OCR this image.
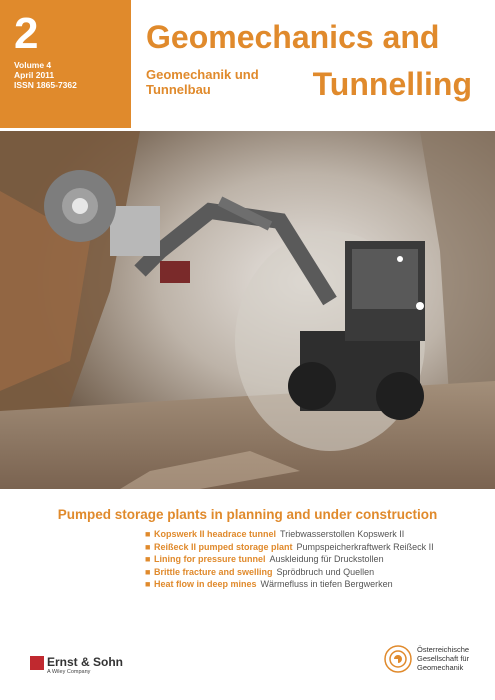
2
Volume 4
April 2011
ISSN 1865-7362
Geomechanics and
Geomechanik und Tunnelbau	Tunnelling
Pumped storage plants in planning and under construction
■ Kopswerk II headrace tunnel Triebwasserstollen Kopswerk II
■ Reißeck II pumped storage plant Pumpspeicherkraftwerk Reißeck II
■ Lining for pressure tunnel Auskleidung für Druckstollen
■ Brittle fracture and swelling Sprödbruch und Quellen
■ Heat flow in deep mines Wärmefluss in tiefen Bergwerken
Ernst & Sohn
A Wiley Company
Österreichische Gesellschaft für Geomechanik
